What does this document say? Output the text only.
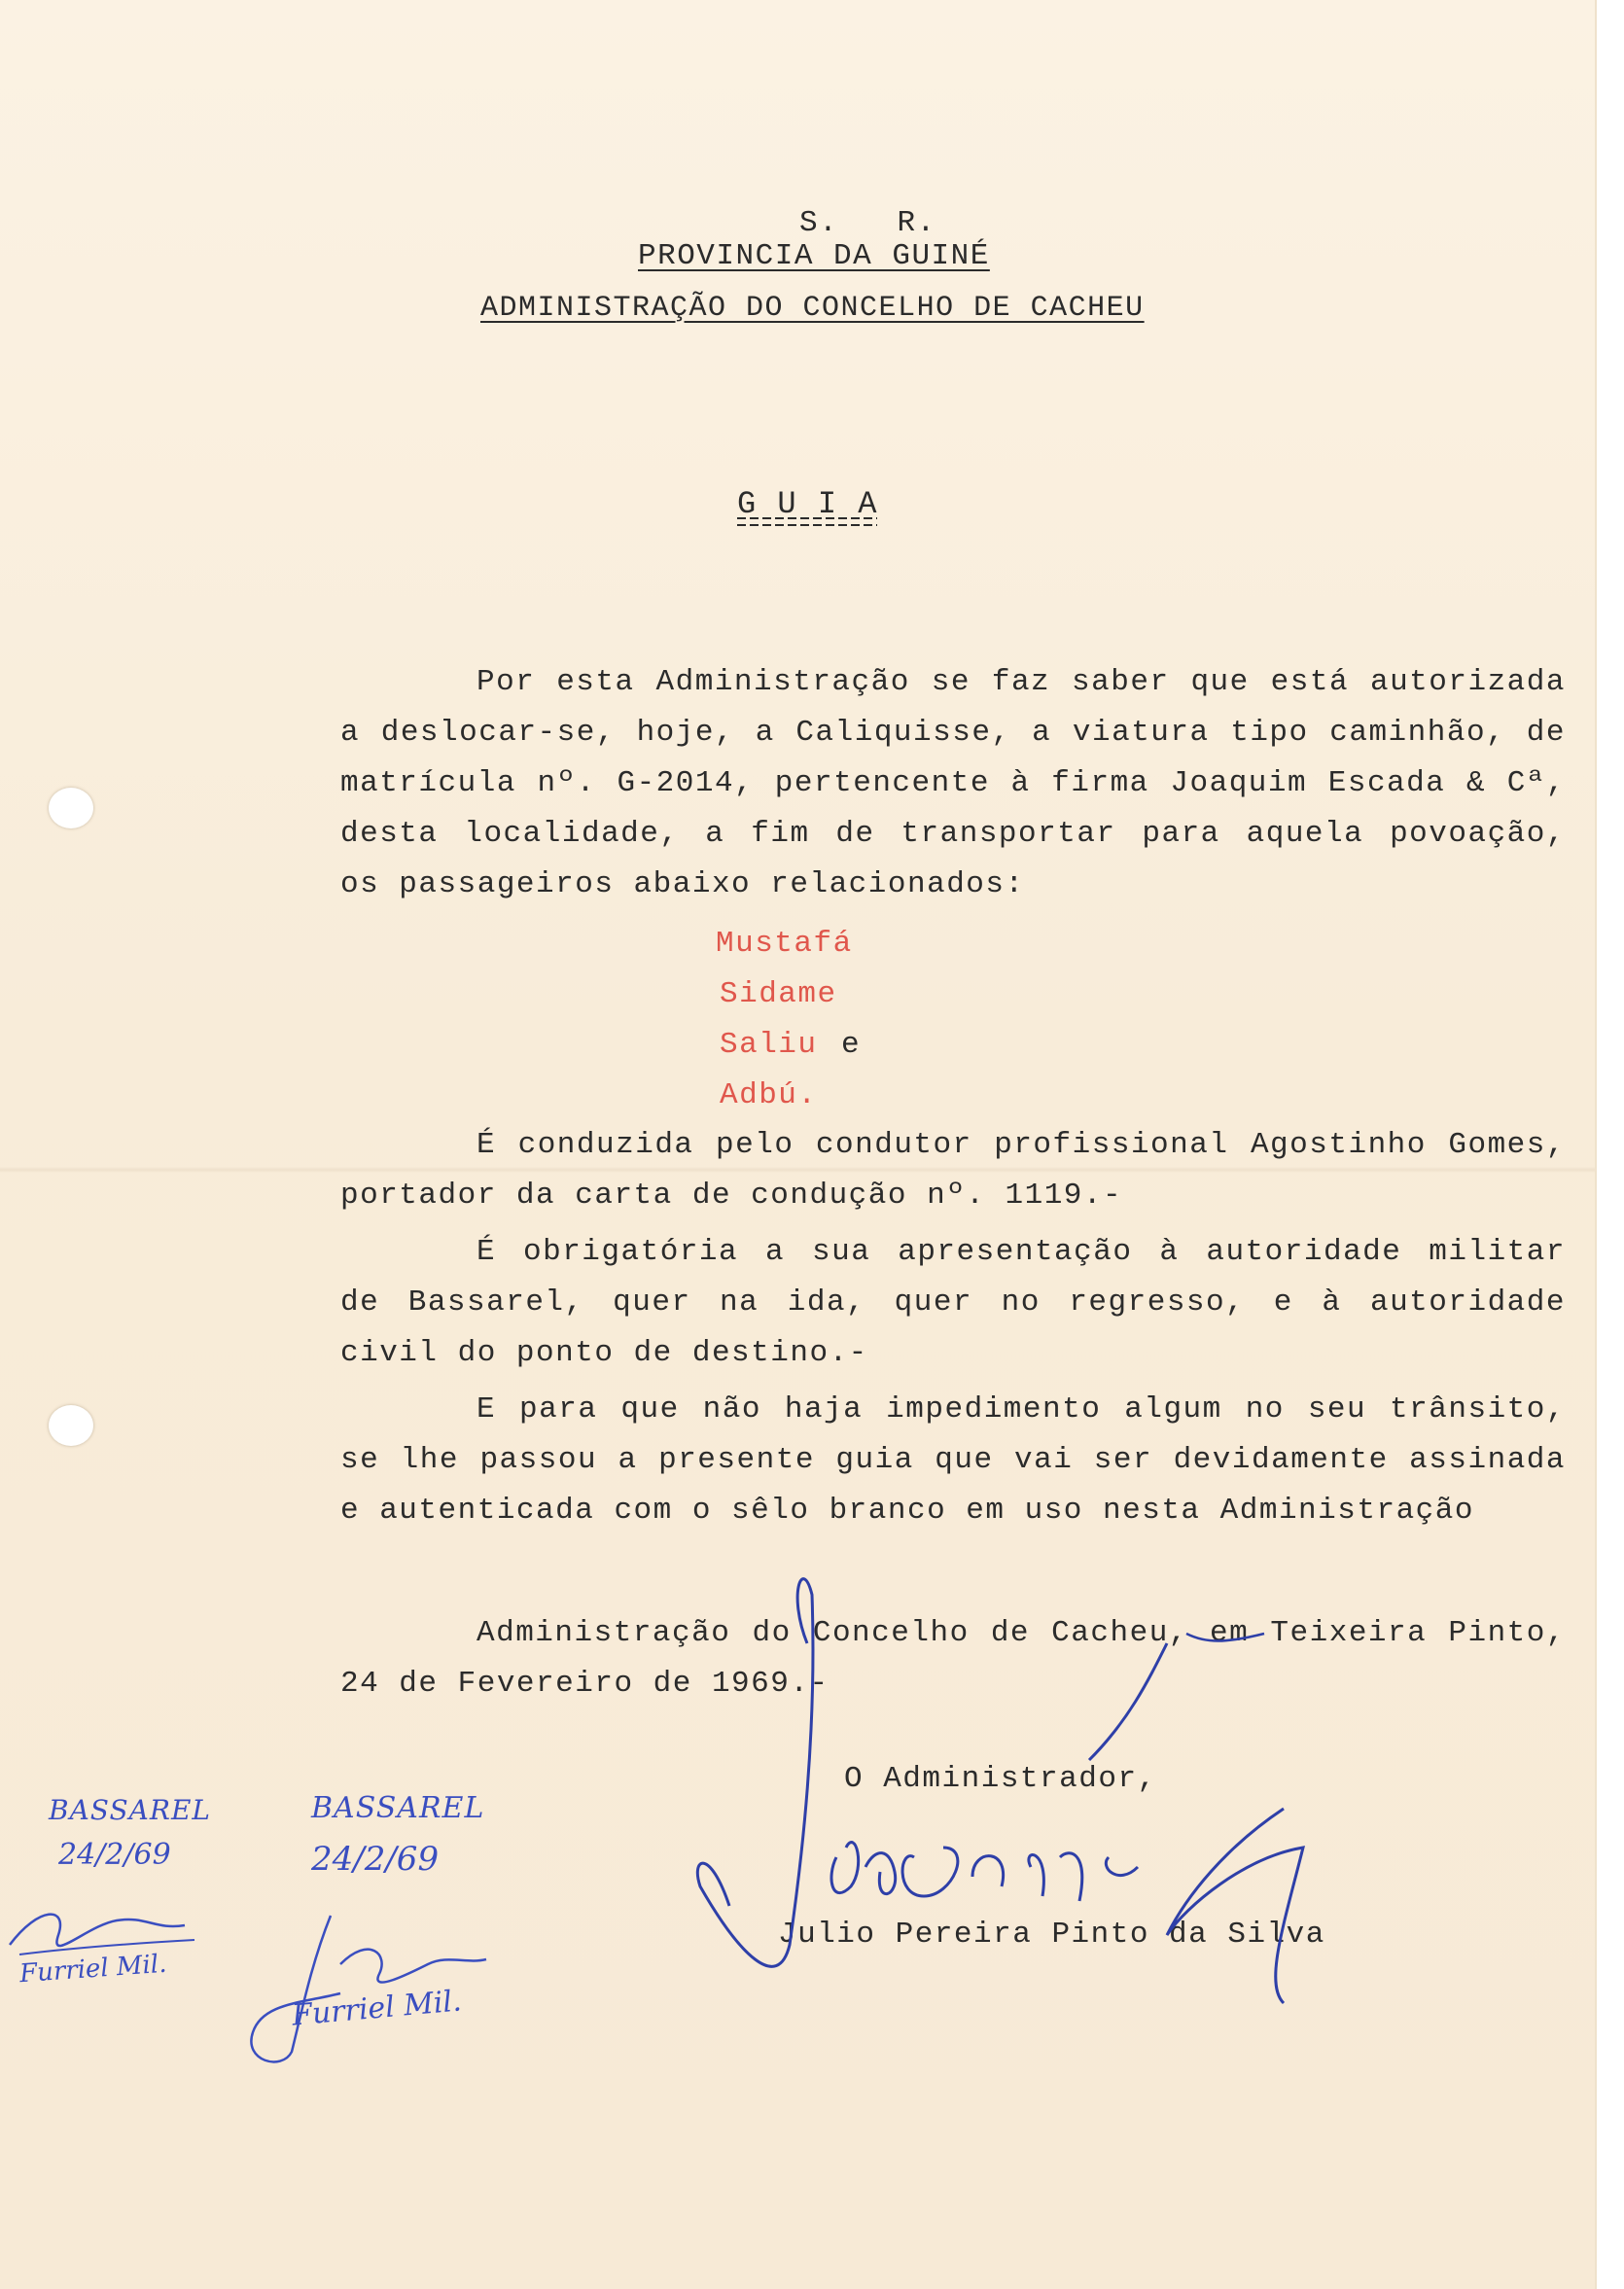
S.   R.
PROVINCIA DA GUINÉ
ADMINISTRAÇÃO DO CONCELHO DE CACHEU
G U I A
Por esta Administração se faz saber que está autorizada a deslocar-se, hoje, a Caliquisse, a viatura tipo caminhão, de matrícula nº. G-2014, pertencente à firma Joaquim Escada & Cª, desta localidade, a fim de transportar para aquela povoação, os passageiros abaixo relacionados:
Mustafá
Sidame
Saliu e
Adbú.
É conduzida pelo condutor profissional Agostinho Gomes, portador da carta de condução nº. 1119.-
É obrigatória a sua apresentação à autoridade militar de Bassarel, quer na ida, quer no regresso, e à autoridade civil do ponto de destino.-
E para que não haja impedimento algum no seu trânsito, se lhe passou a presente guia que vai ser devidamente assinada e autenticada com o sêlo branco em uso nesta Administração
Administração do Concelho de Cacheu, em Teixeira Pinto, 24 de Fevereiro de 1969.-
O Administrador,
Julio Pereira Pinto da Silva
BASSAREL
24/2/69
Furriel Mil.
BASSAREL
24/2/69
Furriel Mil.
